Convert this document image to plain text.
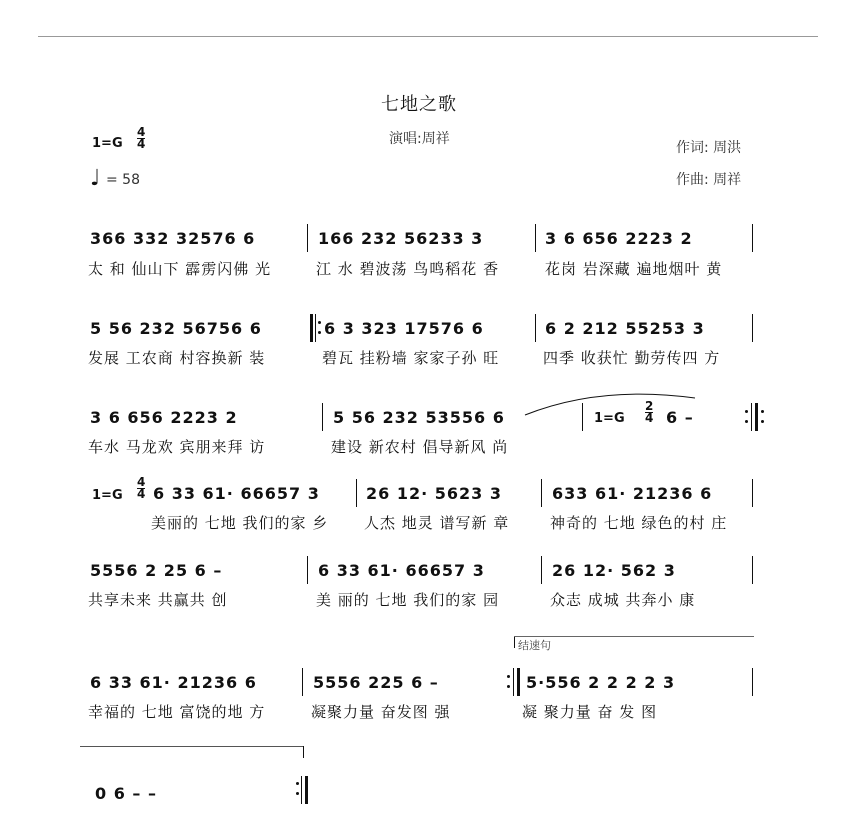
七地之歌
演唱:周祥
作词: 周洪
作曲: 周祥
1=G
4
4
♩ = 58
366 332 32576 6	166 232 56233 3	3 6 656 2223 2
太 和 仙山下 霹雳闪佛 光	江 水 碧波荡 鸟鸣稻花 香	花岗 岩深藏 遍地烟叶 黄
5 56 232 56756 6	6 3 323 17576 6	6 2 212 55253 3
发展 工农商 村容换新 装	碧瓦 挂粉墙 家家子孙 旺	四季 收获忙 勤劳传四 方
3 6 656 2223 2	5 56 232 53556 6	1=G
2
4 6 –
车水 马龙欢 宾朋来拜 访	建设 新农村 倡导新风 尚
1=G
4
4 6 33 61· 66657 3	26 12· 5623 3	633 61· 21236 6
美丽的 七地 我们的家 乡 人杰 地灵 谱写新 章	神奇的 七地 绿色的村 庄
5556 2 25 6 –	6 33 61· 66657 3	26 12· 562 3
共享未来 共赢共 创	美 丽的 七地 我们的家 园	众志 成城 共奔小 康
结速句
6 33 61· 21236 6	5556 225 6 –	5·556 2 2 2 2 3
幸福的 七地 富饶的地 方	凝聚力量 奋发图 强	凝 聚力量 奋 发 图
0 6 – –
